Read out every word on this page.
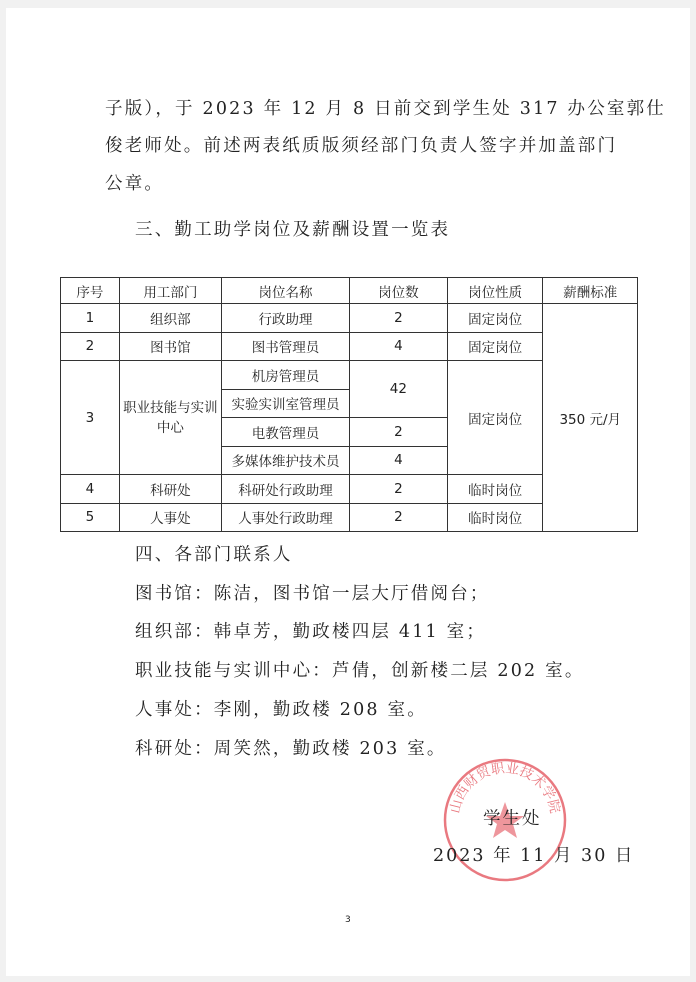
子版），于 2023 年 12 月 8 日前交到学生处 317 办公室郭仕
俊老师处。前述两表纸质版须经部门负责人签字并加盖部门
公章。
三、勤工助学岗位及薪酬设置一览表
序号	用工部门	岗位名称	岗位数	岗位性质	薪酬标准
1	组织部	行政助理	2	固定岗位	350 元/月
2	图书馆	图书管理员	4	固定岗位	
3	职业技能与实训中心	机房管理员	42	固定岗位	
		实验实训室管理员			
		电教管理员	2		
		多媒体维护技术员	4		
4	科研处	科研处行政助理	2	临时岗位	
5	人事处	人事处行政助理	2	临时岗位	
四、各部门联系人
图书馆：陈洁，图书馆一层大厅借阅台；
组织部：韩卓芳，勤政楼四层 411 室；
职业技能与实训中心：芦倩，创新楼二层 202 室。
人事处：李刚，勤政楼 208 室。
科研处：周笑然，勤政楼 203 室。
山西财贸职业技术学院
学生处
2023 年 11 月 30 日
3
